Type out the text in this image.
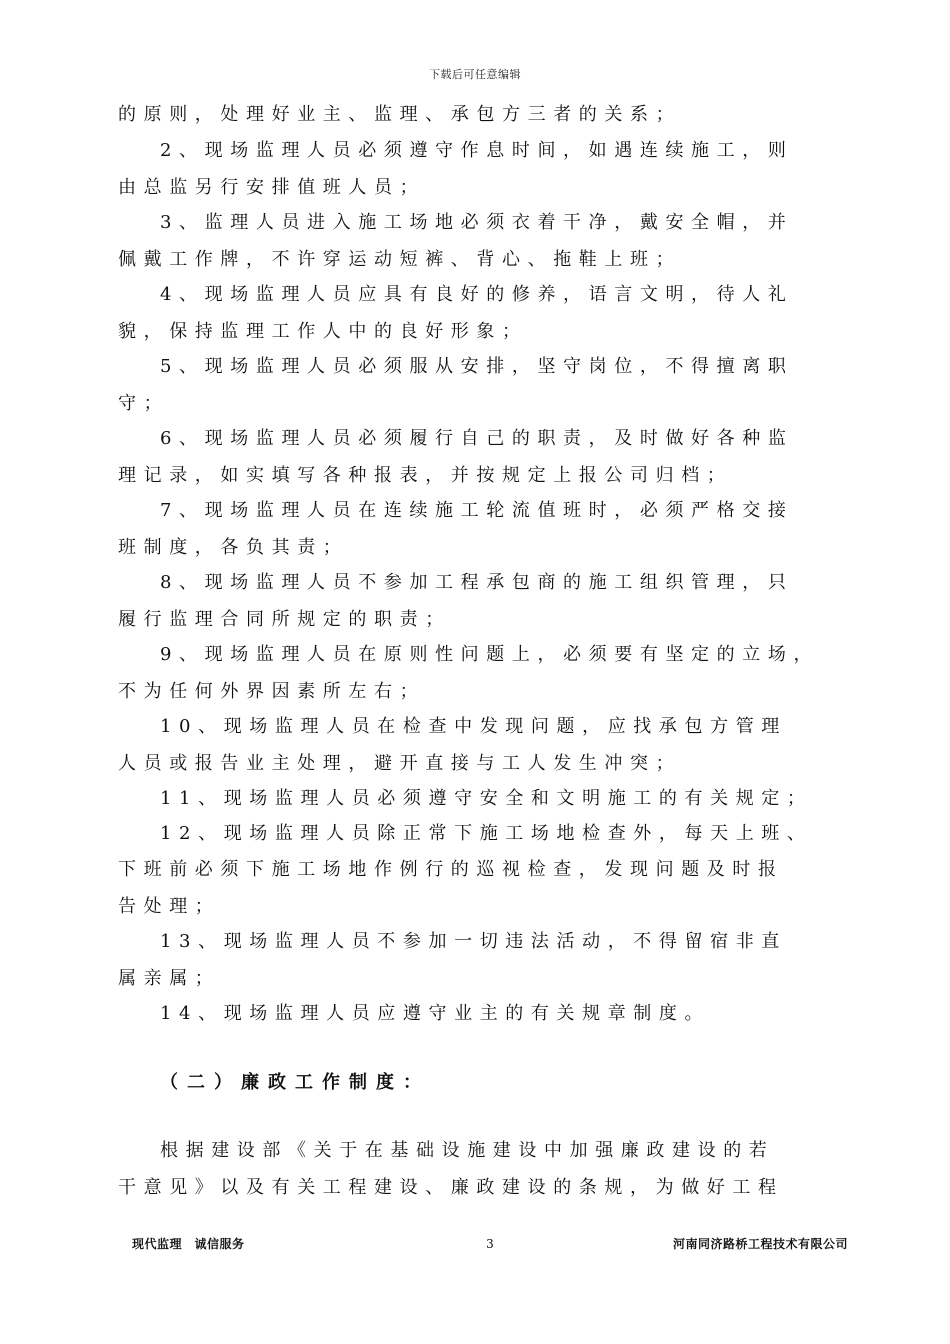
下载后可任意编辑
的原则，处理好业主、监理、承包方三者的关系；
2、现场监理人员必须遵守作息时间，如遇连续施工，则
由总监另行安排值班人员；
3、监理人员进入施工场地必须衣着干净，戴安全帽，并
佩戴工作牌，不许穿运动短裤、背心、拖鞋上班；
4、现场监理人员应具有良好的修养，语言文明，待人礼
貌，保持监理工作人中的良好形象；
5、现场监理人员必须服从安排，坚守岗位，不得擅离职
守；
6、现场监理人员必须履行自己的职责，及时做好各种监
理记录，如实填写各种报表，并按规定上报公司归档；
7、现场监理人员在连续施工轮流值班时，必须严格交接
班制度，各负其责；
8、现场监理人员不参加工程承包商的施工组织管理，只
履行监理合同所规定的职责；
9、现场监理人员在原则性问题上，必须要有坚定的立场，
不为任何外界因素所左右；
10、现场监理人员在检查中发现问题，应找承包方管理
人员或报告业主处理，避开直接与工人发生冲突；
11、现场监理人员必须遵守安全和文明施工的有关规定；
12、现场监理人员除正常下施工场地检查外，每天上班、
下班前必须下施工场地作例行的巡视检查，发现问题及时报
告处理；
13、现场监理人员不参加一切违法活动，不得留宿非直
属亲属；
14、现场监理人员应遵守业主的有关规章制度。
（二）廉政工作制度：
根据建设部《关于在基础设施建设中加强廉政建设的若
干意见》以及有关工程建设、廉政建设的条规，为做好工程
现代监理　诚信服务	3	河南同济路桥工程技术有限公司
